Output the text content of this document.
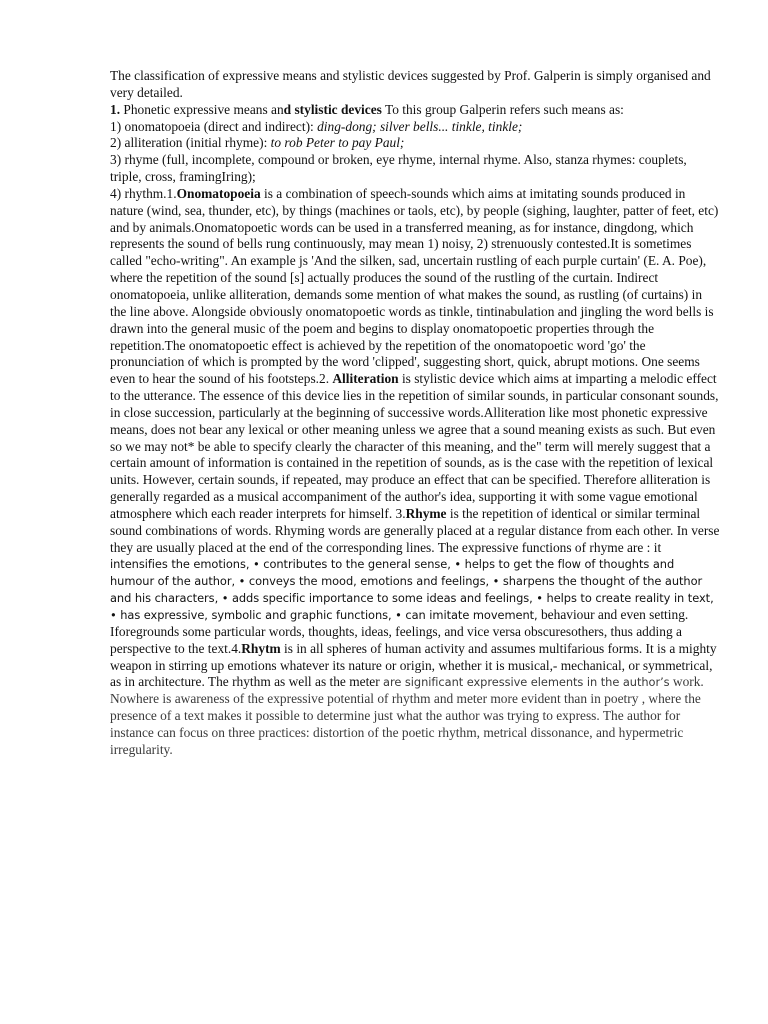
The classification of expressive means and stylistic devices suggested by Prof. Galperin is simply organised and very detailed.
1. Phonetic expressive means and stylistic devices To this group Galperin refers such means as:
1) onomatopoeia (direct and indirect): ding-dong; silver bells... tinkle, tinkle;
2) alliteration (initial rhyme): to rob Peter to pay Paul;
3) rhyme (full, incomplete, compound or broken, eye rhyme, internal rhyme. Also, stanza rhymes: couplets, triple, cross, framingIring);
4) rhythm.1.Onomatopoeia is a combination of speech-sounds which aims at imitating sounds produced in nature (wind, sea, thunder, etc), by things (machines or taols, etc), by people (sighing, laughter, patter of feet, etc) and by animals.Onomatopoetic words can be used in a transferred meaning, as for instance, dingdong, which represents the sound of bells rung continuously, may mean 1) noisy, 2) strenuously contested.It is sometimes called "echo-writing". An example js 'And the silken, sad, uncertain rustling of each purple curtain' (E. A. Poe), where the repetition of the sound [s] actually produces the sound of the rustling of the curtain. Indirect onomatopoeia, unlike alliteration, demands some mention of what makes the sound, as rustling (of curtains) in the line above. Alongside obviously onomatopoetic words as tinkle, tintinabulation and jingling the word bells is drawn into the general music of the poem and begins to display onomatopoetic properties through the repetition.The onomatopoetic effect is achieved by the repetition of the onomatopoetic word 'go' the pronunciation of which is prompted by the word 'clipped', suggesting short, quick, abrupt motions. One seems even to hear the sound of his footsteps.2. Alliteration is stylistic device which aims at imparting a melodic effect to the utterance. The essence of this device lies in the repetition of similar sounds, in particular consonant sounds, in close succession, particularly at the beginning of successive words.Alliteration like most phonetic expressive means, does not bear any lexical or other meaning unless we agree that a sound meaning exists as such. But even so we may not* be able to specify clearly the character of this meaning, and the" term will merely suggest that a certain amount of information is contained in the repetition of sounds, as is the case with the repetition of lexical units. However, certain sounds, if repeated, may produce an effect that can be specified. Therefore alliteration is generally regarded as a musical accompaniment of the author's idea, supporting it with some vague emotional atmosphere which each reader interprets for himself. 3.Rhyme is the repetition of identical or similar terminal sound combinations of words. Rhyming words are generally placed at a regular distance from each other. In verse they are usually placed at the end of the corresponding lines. The expressive functions of rhyme are : it intensifies the emotions, • contributes to the general sense, • helps to get the flow of thoughts and humour of the author, • conveys the mood, emotions and feelings, • sharpens the thought of the author and his characters, • adds specific importance to some ideas and feelings, • helps to create reality in text, • has expressive, symbolic and graphic functions, • can imitate movement, behaviour and even setting. Iforegrounds some particular words, thoughts, ideas, feelings, and vice versa obscuresothers, thus adding a perspective to the text.4.Rhytm is in all spheres of human activity and assumes multifarious forms. It is a mighty weapon in stirring up emotions whatever its nature or origin, whether it is musical,- mechanical, or symmetrical, as in architecture. The rhythm as well as the meter are significant expressive elements in the author’s work. Nowhere is awareness of the expressive potential of rhythm and meter more evident than in poetry , where the presence of a text makes it possible to determine just what the author was trying to express. The author for instance can focus on three practices: distortion of the poetic rhythm, metrical dissonance, and hypermetric irregularity.
